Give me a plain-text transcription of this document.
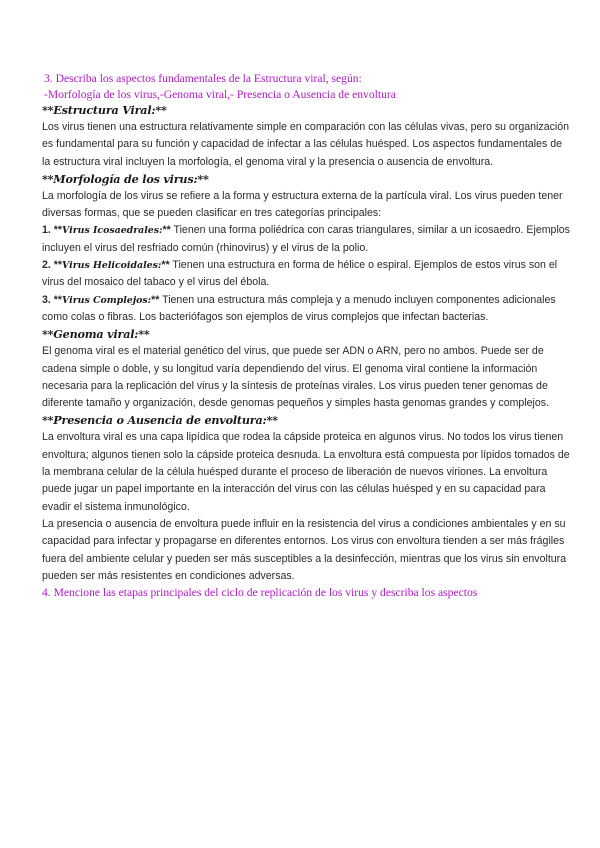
3. Describa los aspectos fundamentales de la Estructura viral, según:
-Morfología de los virus,-Genoma viral,- Presencia o Ausencia de envoltura
**Estructura Viral:**

Los virus tienen una estructura relativamente simple en comparación con las células vivas, pero su organización es fundamental para su función y capacidad de infectar a las células huésped. Los aspectos fundamentales de la estructura viral incluyen la morfología, el genoma viral y la presencia o ausencia de envoltura.

**Morfología de los virus:**

La morfología de los virus se refiere a la forma y estructura externa de la partícula viral. Los virus pueden tener diversas formas, que se pueden clasificar en tres categorías principales:

1. **Virus Icosaedrales:** Tienen una forma poliédrica con caras triangulares, similar a un icosaedro. Ejemplos incluyen el virus del resfriado común (rhinovirus) y el virus de la polio.

2. **Virus Helicoidales:** Tienen una estructura en forma de hélice o espiral. Ejemplos de estos virus son el virus del mosaico del tabaco y el virus del ébola.

3. **Virus Complejos:** Tienen una estructura más compleja y a menudo incluyen componentes adicionales como colas o fibras. Los bacteriófagos son ejemplos de virus complejos que infectan bacterias.

**Genoma viral:**

El genoma viral es el material genético del virus, que puede ser ADN o ARN, pero no ambos. Puede ser de cadena simple o doble, y su longitud varía dependiendo del virus. El genoma viral contiene la información necesaria para la replicación del virus y la síntesis de proteínas virales. Los virus pueden tener genomas de diferente tamaño y organización, desde genomas pequeños y simples hasta genomas grandes y complejos.

**Presencia o Ausencia de envoltura:**

La envoltura viral es una capa lipídica que rodea la cápside proteica en algunos virus. No todos los virus tienen envoltura; algunos tienen solo la cápside proteica desnuda. La envoltura está compuesta por lípidos tomados de la membrana celular de la célula huésped durante el proceso de liberación de nuevos viriones. La envoltura puede jugar un papel importante en la interacción del virus con las células huésped y en su capacidad para evadir el sistema inmunológico.

La presencia o ausencia de envoltura puede influir en la resistencia del virus a condiciones ambientales y en su capacidad para infectar y propagarse en diferentes entornos. Los virus con envoltura tienden a ser más frágiles fuera del ambiente celular y pueden ser más susceptibles a la desinfección, mientras que los virus sin envoltura pueden ser más resistentes en condiciones adversas.

4. Mencione las etapas principales del ciclo de replicación de los virus y describa los aspectos
